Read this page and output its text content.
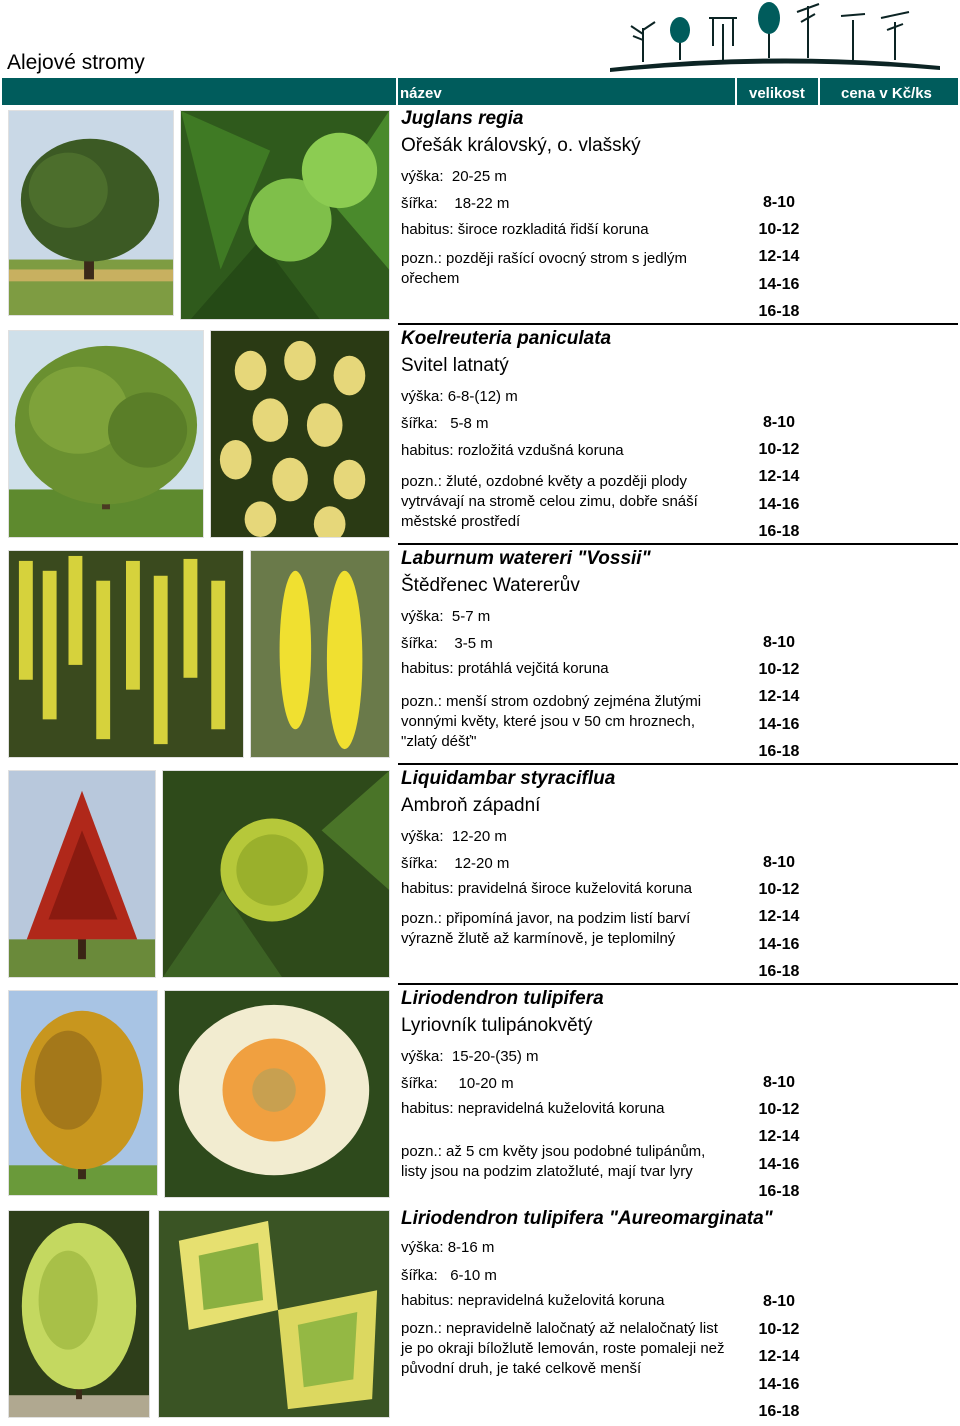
Alejové stromy
název	velikost cena v Kč/ks
Juglans regia
Ořešák královský, o. vlašský
výška: 20-25 m
šířka: 18-22 m
habitus: široce rozkladitá řidší koruna
pozn.: později rašící ovocný strom s jedlým ořechem
8-10
10-12
12-14
14-16
16-18
Koelreuteria paniculata
Svitel latnatý
výška: 6-8-(12) m
šířka: 5-8 m
habitus: rozložitá vzdušná koruna
pozn.: žluté, ozdobné květy a později plody vytrvávají na stromě celou zimu, dobře snáší městské prostředí
8-10
10-12
12-14
14-16
16-18
Laburnum watereri "Vossii"
Štědřenec Watererův
výška: 5-7 m
šířka: 3-5 m
habitus: protáhlá vejčitá koruna
pozn.: menší strom ozdobný zejména žlutými vonnými květy, které jsou v 50 cm hroznech, "zlatý déšť"
8-10
10-12
12-14
14-16
16-18
Liquidambar styraciflua
Ambroň západní
výška: 12-20 m
šířka: 12-20 m
habitus: pravidelná široce kuželovitá koruna
pozn.: připomíná javor, na podzim listí barví výrazně žlutě až karmínově, je teplomilný
8-10
10-12
12-14
14-16
16-18
Liriodendron tulipifera
Lyriovník tulipánokvětý
výška: 15-20-(35) m
šířka: 10-20 m
habitus: nepravidelná kuželovitá koruna
pozn.: až 5 cm květy jsou podobné tulipánům, listy jsou na podzim zlatožluté, mají tvar lyry
8-10
10-12
12-14
14-16
16-18
Liriodendron tulipifera "Aureomarginata"
výška: 8-16 m
šířka: 6-10 m
habitus: nepravidelná kuželovitá koruna
pozn.: nepravidelně laločnatý až nelaločnatý list je po okraji bíložlutě lemován, roste pomaleji než původní druh, je také celkově menší
8-10
10-12
12-14
14-16
16-18
